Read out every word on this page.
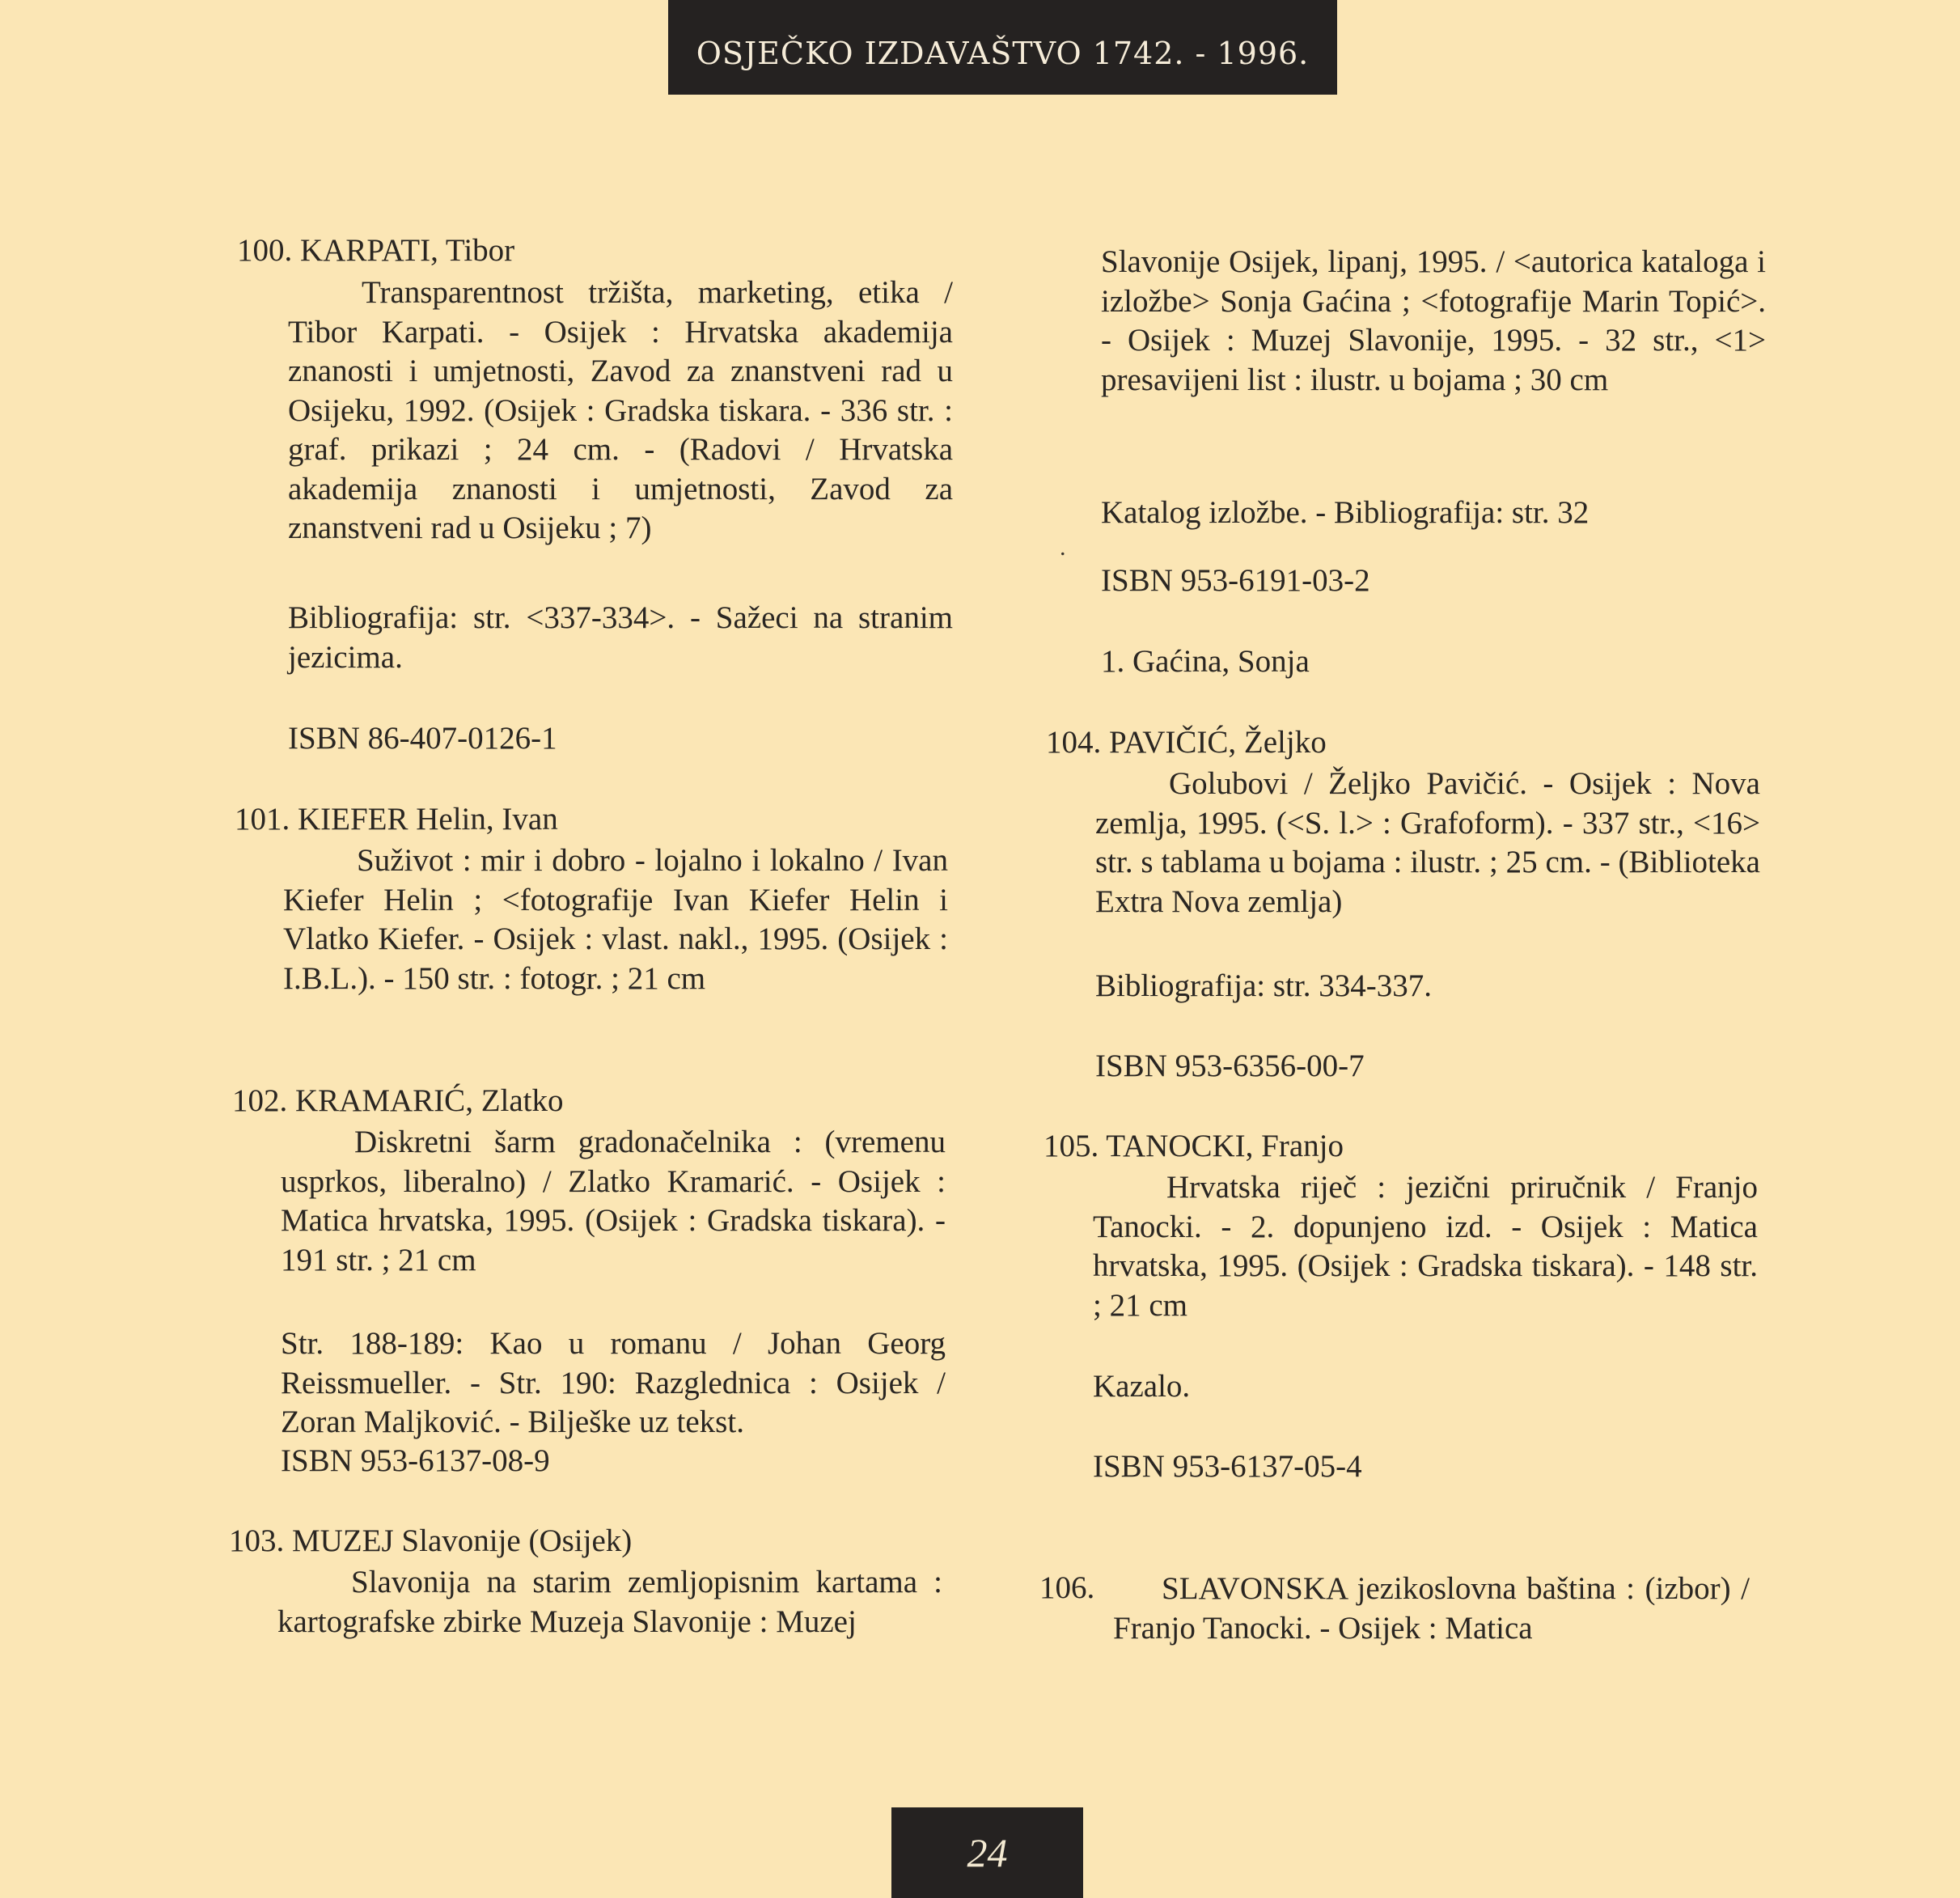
OSJEČKO IZDAVAŠTVO 1742. - 1996.
100. KARPATI, Tibor
Transparentnost tržišta, marketing, etika / Tibor Karpati. - Osijek : Hrvatska akademija znanosti i umjetnosti, Zavod za znanstveni rad u Osijeku, 1992. (Osijek : Gradska tiskara. - 336 str. : graf. prikazi ; 24 cm. - (Radovi / Hrvatska akademija znanosti i umjetnosti, Zavod za znanstveni rad u Osijeku ; 7)
Bibliografija: str. <337-334>. - Sažeci na stranim jezicima.
ISBN 86-407-0126-1
101. KIEFER Helin, Ivan
Suživot : mir i dobro - lojalno i lokalno / Ivan Kiefer Helin ; <fotografije Ivan Kiefer Helin i Vlatko Kiefer. - Osijek : vlast. nakl., 1995. (Osijek : I.B.L.). - 150 str. : fotogr. ; 21 cm
102. KRAMARIĆ, Zlatko
Diskretni šarm gradonačelnika : (vremenu usprkos, liberalno) / Zlatko Kramarić. - Osijek : Matica hrvatska, 1995. (Osijek : Gradska tiskara). - 191 str. ; 21 cm
Str. 188-189: Kao u romanu / Johan Georg Reissmueller. - Str. 190: Razglednica : Osijek / Zoran Maljković. - Bilješke uz tekst.
ISBN 953-6137-08-9
103. MUZEJ Slavonije (Osijek)
Slavonija na starim zemljopisnim kartama : kartografske zbirke Muzeja Slavonije : Muzej
Slavonije Osijek, lipanj, 1995. / <autorica kataloga i izložbe> Sonja Gaćina ; <fotografije Marin Topić>. - Osijek : Muzej Slavonije, 1995. - 32 str., <1> presavijeni list : ilustr. u bojama ; 30 cm
Katalog izložbe. - Bibliografija: str. 32
ISBN 953-6191-03-2
1. Gaćina, Sonja
.
104. PAVIČIĆ, Željko
Golubovi / Željko Pavičić. - Osijek : Nova zemlja, 1995. (<S. l.> : Grafoform). - 337 str., <16> str. s tablama u bojama : ilustr. ; 25 cm. - (Biblioteka Extra Nova zemlja)
Bibliografija: str. 334-337.
ISBN 953-6356-00-7
105. TANOCKI, Franjo
Hrvatska riječ : jezični priručnik / Franjo Tanocki. - 2. dopunjeno izd. - Osijek : Matica hrvatska, 1995. (Osijek : Gradska tiskara). - 148 str. ; 21 cm
Kazalo.
ISBN 953-6137-05-4
106.	SLAVONSKA jezikoslovna baština : (izbor) / Franjo Tanocki. - Osijek : Matica
24
